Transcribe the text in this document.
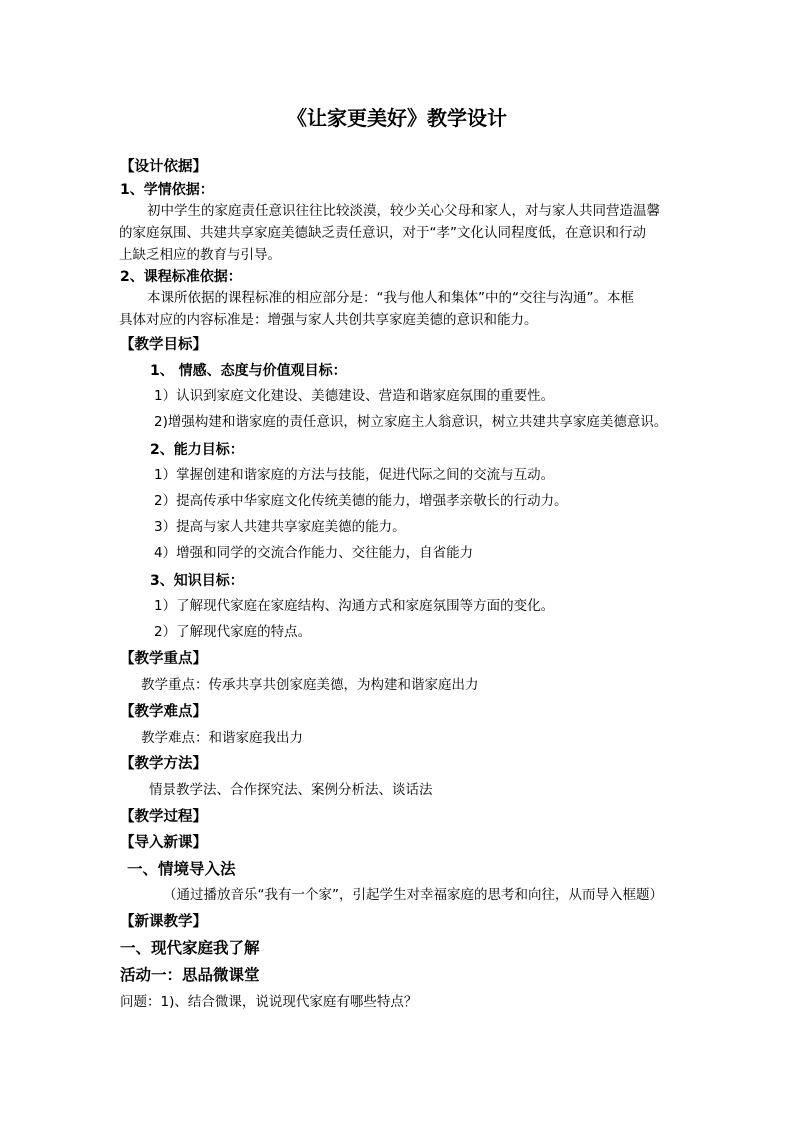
《让家更美好》教学设计
【设计依据】
1、学情依据：
初中学生的家庭责任意识往往比较淡漠，较少关心父母和家人，对与家人共同营造温馨
的家庭氛围、共建共享家庭美德缺乏责任意识，对于“孝”文化认同程度低，在意识和行动
上缺乏相应的教育与引导。
2、课程标准依据：
本课所依据的课程标准的相应部分是：“我与他人和集体”中的“交往与沟通”。本框
具体对应的内容标准是：增强与家人共创共享家庭美德的意识和能力。
【教学目标】
1、 情感、态度与价值观目标：
1）认识到家庭文化建设、美德建设、营造和谐家庭氛围的重要性。
2)增强构建和谐家庭的责任意识，树立家庭主人翁意识，树立共建共享家庭美德意识。
2、能力目标：
1）掌握创建和谐家庭的方法与技能，促进代际之间的交流与互动。
2）提高传承中华家庭文化传统美德的能力，增强孝亲敬长的行动力。
3）提高与家人共建共享家庭美德的能力。
4）增强和同学的交流合作能力、交往能力，自省能力
3、知识目标：
1）了解现代家庭在家庭结构、沟通方式和家庭氛围等方面的变化。
2）了解现代家庭的特点。
【教学重点】
教学重点：传承共享共创家庭美德，为构建和谐家庭出力
【教学难点】
教学难点：和谐家庭我出力
【教学方法】
情景教学法、合作探究法、案例分析法、谈话法
【教学过程】
【导入新课】
一、情境导入法
（通过播放音乐“我有一个家”，引起学生对幸福家庭的思考和向往，从而导入框题）
【新课教学】
一、现代家庭我了解
活动一：思品微课堂
问题：1)、结合微课，说说现代家庭有哪些特点？
